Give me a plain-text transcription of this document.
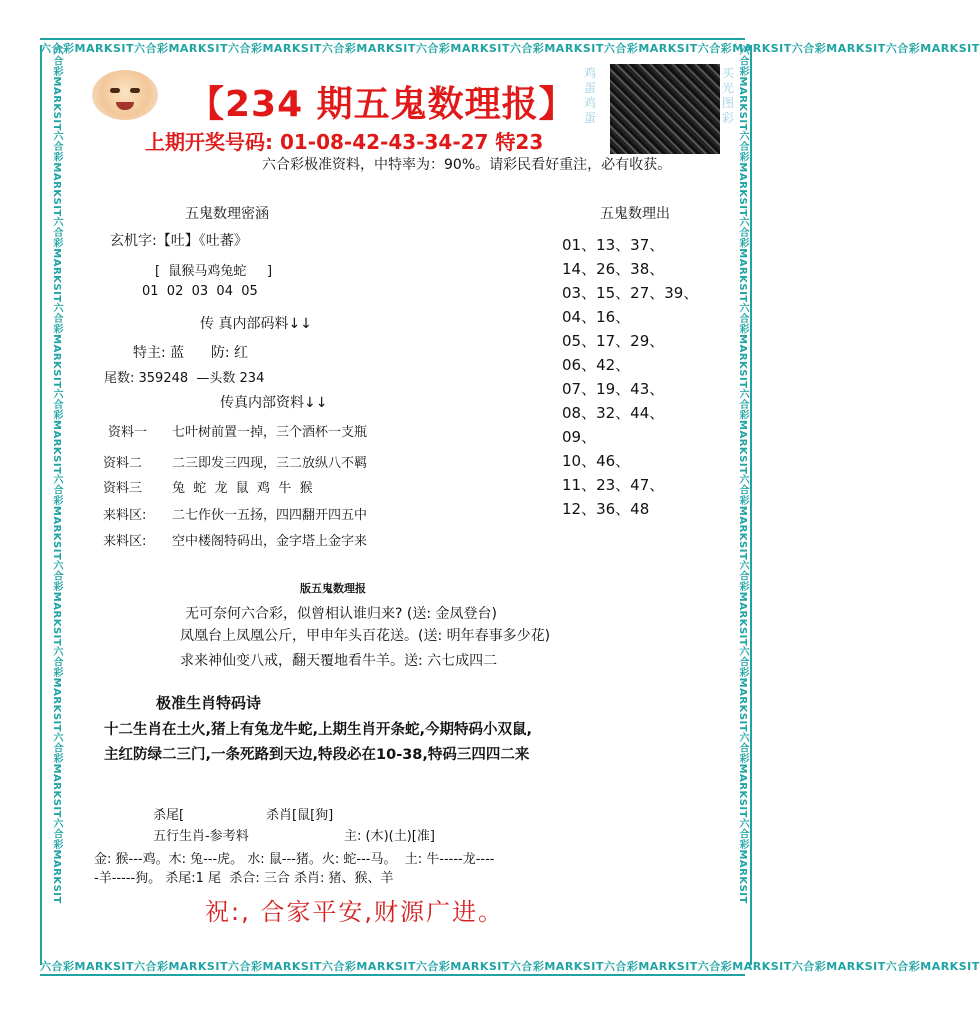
六合彩MARKSIT六合彩MARKSIT六合彩MARKSIT六合彩MARKSIT六合彩MARKSIT六合彩MARKSIT六合彩MARKSIT六合彩MARKSIT六合彩MARKSIT六合彩MARKSIT
六合彩MARKSIT六合彩MARKSIT六合彩MARKSIT六合彩MARKSIT六合彩MARKSIT六合彩MARKSIT六合彩MARKSIT六合彩MARKSIT六合彩MARKSIT六合彩MARKSIT
六合彩MARKSIT六合彩MARKSIT六合彩MARKSIT六合彩MARKSIT六合彩MARKSIT六合彩MARKSIT六合彩MARKSIT六合彩MARKSIT六合彩MARKSIT六合彩MARKSIT	六合彩MARKSIT六合彩MARKSIT六合彩MARKSIT六合彩MARKSIT六合彩MARKSIT六合彩MARKSIT六合彩MARKSIT六合彩MARKSIT六合彩MARKSIT六合彩MARKSIT
【234 期五鬼数理报】
上期开奖号码: 01-08-42-43-34-27 特23
鸡蛋鸡蛋
买光图彩
六合彩极准资料，中特率为：90%。请彩民看好重注，必有收获。
五鬼数理密涵
玄机字:【吐】《吐蕃》
[  鼠猴马鸡兔蛇     ]
01  02  03  04  05
传 真内部码料↓↓
特主: 蓝      防: 红
尾数: 359248  —头数 234
传真内部资料↓↓
资料一 七叶树前置一掉，三个酒杯一支瓶
资料二 二三即发三四现，三二放纵八不羁
资料三 兔  蛇  龙  鼠  鸡  牛  猴
来料区: 二七作伙一五扬，四四翻开四五中
来料区: 空中楼阁特码出，金字塔上金字来
五鬼数理出
01、13、37、
14、26、38、
03、15、27、39、
04、16、
05、17、29、
06、42、
07、19、43、
08、32、44、
09、
10、46、
11、23、47、
12、36、48
版五鬼数理报
无可奈何六合彩，似曾相认谁归来? (送: 金凤登台)
凤凰台上凤凰公斤，甲申年头百花送。(送: 明年春事多少花)
求来神仙变八戒，翻天覆地看牛羊。送: 六七成四二
极准生肖特码诗
十二生肖在土火,猪上有兔龙牛蛇,上期生肖开条蛇,今期特码小双鼠,
主红防绿二三门,一条死路到天边,特段必在10-38,特码三四四二来
杀尾[	杀肖[鼠[狗]
五行生肖-参考料	主: (木)(土)[准]
金: 猴---鸡。木: 兔---虎。 水: 鼠---猪。火: 蛇---马。  土: 牛-----龙----
-羊-----狗。 杀尾:1 尾  杀合: 三合 杀肖: 猪、猴、羊
祝:, 合家平安,财源广进。
